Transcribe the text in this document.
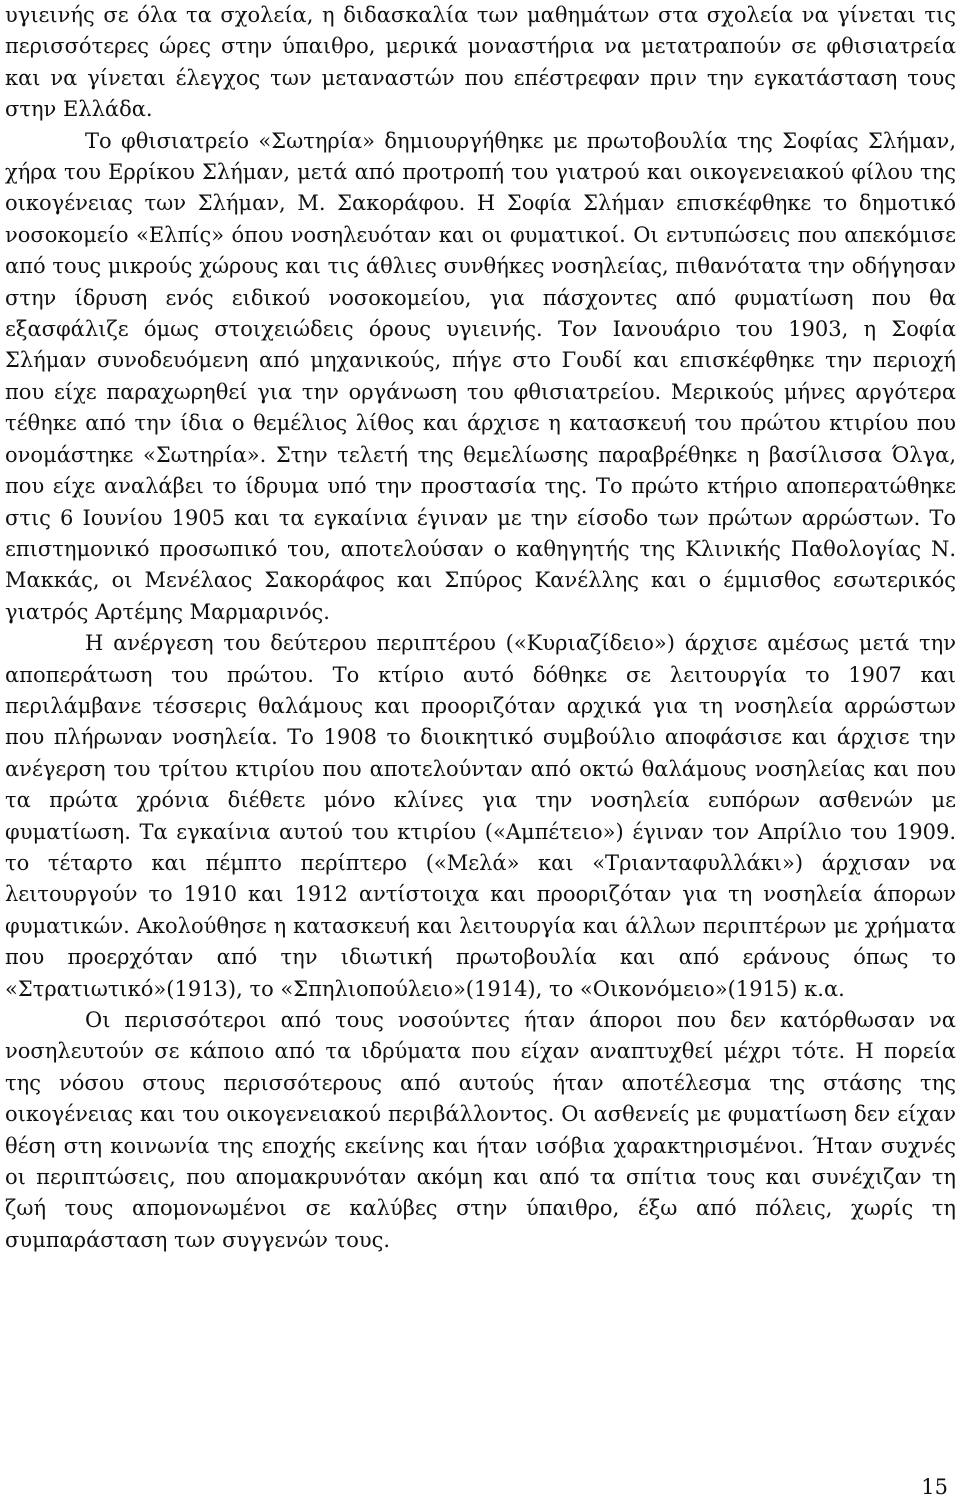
υγιεινής σε όλα τα σχολεία, η διδασκαλία των μαθημάτων στα σχολεία να γίνεται τις περισσότερες ώρες στην ύπαιθρο, μερικά μοναστήρια να μετατραπούν σε φθισιατρεία και να γίνεται έλεγχος των μεταναστών που επέστρεφαν πριν την εγκατάσταση τους στην Ελλάδα.

Το φθισιατρείο «Σωτηρία» δημιουργήθηκε με πρωτοβουλία της Σοφίας Σλήμαν, χήρα του Ερρίκου Σλήμαν, μετά από προτροπή του γιατρού και οικογενειακού φίλου της οικογένειας των Σλήμαν, Μ. Σακοράφου. Η Σοφία Σλήμαν επισκέφθηκε το δημοτικό νοσοκομείο «Ελπίς» όπου νοσηλευόταν και οι φυματικοί. Οι εντυπώσεις που απεκόμισε από τους μικρούς χώρους και τις άθλιες συνθήκες νοσηλείας, πιθανότατα την οδήγησαν στην ίδρυση ενός ειδικού νοσοκομείου, για πάσχοντες από φυματίωση που θα εξασφάλιζε όμως στοιχειώδεις όρους υγιεινής. Τον Ιανουάριο του 1903, η Σοφία Σλήμαν συνοδευόμενη από μηχανικούς, πήγε στο Γουδί και επισκέφθηκε την περιοχή που είχε παραχωρηθεί για την οργάνωση του φθισιατρείου. Μερικούς μήνες αργότερα τέθηκε από την ίδια ο θεμέλιος λίθος και άρχισε η κατασκευή του πρώτου κτιρίου που ονομάστηκε «Σωτηρία». Στην τελετή της θεμελίωσης παραβρέθηκε η βασίλισσα Όλγα, που είχε αναλάβει το ίδρυμα υπό την προστασία της. Το πρώτο κτήριο αποπερατώθηκε στις 6 Ιουνίου 1905 και τα εγκαίνια έγιναν με την είσοδο των πρώτων αρρώστων. Το επιστημονικό προσωπικό του, αποτελούσαν ο καθηγητής της Κλινικής Παθολογίας Ν. Μακκάς, οι Μενέλαος Σακοράφος και Σπύρος Κανέλλης και ο έμμισθος εσωτερικός γιατρός Αρτέμης Μαρμαρινός.

Η ανέργεση του δεύτερου περιπτέρου («Κυριαζίδειο») άρχισε αμέσως μετά την αποπεράτωση του πρώτου. Το κτίριο αυτό δόθηκε σε λειτουργία το 1907 και περιλάμβανε τέσσερις θαλάμους και προοριζόταν αρχικά για τη νοσηλεία αρρώστων που πλήρωναν νοσηλεία. Το 1908 το διοικητικό συμβούλιο αποφάσισε και άρχισε την ανέγερση του τρίτου κτιρίου που αποτελούνταν από οκτώ θαλάμους νοσηλείας και που τα πρώτα χρόνια διέθετε μόνο κλίνες για την νοσηλεία ευπόρων ασθενών με φυματίωση. Τα εγκαίνια αυτού του κτιρίου («Αμπέτειο») έγιναν τον Απρίλιο του 1909. το τέταρτο και πέμπτο περίπτερο («Μελά» και «Τριανταφυλλάκι») άρχισαν να λειτουργούν το 1910 και 1912 αντίστοιχα και προοριζόταν για τη νοσηλεία άπορων φυματικών. Ακολούθησε η κατασκευή και λειτουργία και άλλων περιπτέρων με χρήματα που προερχόταν από την ιδιωτική πρωτοβουλία και από εράνους όπως το «Στρατιωτικό»(1913), το «Σπηλιοπούλειο»(1914), το «Οικονόμειο»(1915) κ.α.

Οι περισσότεροι από τους νοσούντες ήταν άποροι που δεν κατόρθωσαν να νοσηλευτούν σε κάποιο από τα ιδρύματα που είχαν αναπτυχθεί μέχρι τότε. Η πορεία της νόσου στους περισσότερους από αυτούς ήταν αποτέλεσμα της στάσης της οικογένειας και του οικογενειακού περιβάλλοντος. Οι ασθενείς με φυματίωση δεν είχαν θέση στη κοινωνία της εποχής εκείνης και ήταν ισόβια χαρακτηρισμένοι. Ήταν συχνές οι περιπτώσεις, που απομακρυνόταν ακόμη και από τα σπίτια τους και συνέχιζαν τη ζωή τους απομονωμένοι σε καλύβες στην ύπαιθρο, έξω από πόλεις, χωρίς τη συμπαράσταση των συγγενών τους.

15
